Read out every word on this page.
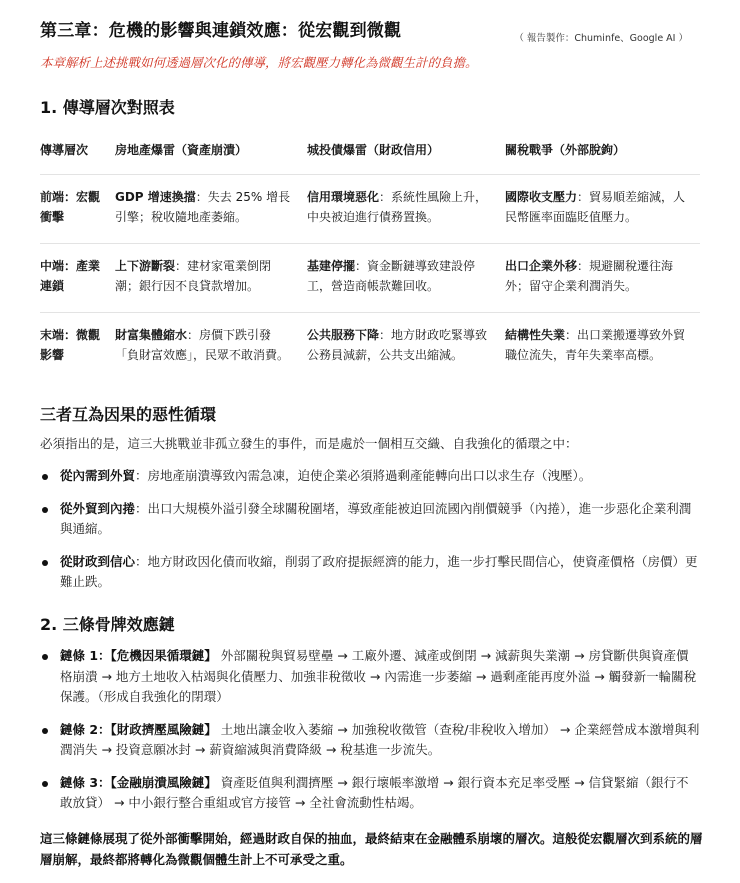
第三章：危機的影響與連鎖效應：從宏觀到微觀	（ 報告製作：Chuminfe、Google AI ）
本章解析上述挑戰如何透過層次化的傳導，將宏觀壓力轉化為微觀生計的負擔。
1. 傳導層次對照表
傳導層次	房地產爆雷（資產崩潰）	城投債爆雷（財政信用）	關稅戰爭（外部脫鉤）
前端：宏觀衝擊	GDP 增速換擋：失去 25% 增長引擎；稅收隨地產萎縮。	信用環境惡化：系統性風險上升，中央被迫進行債務置換。	國際收支壓力：貿易順差縮減，人民幣匯率面臨貶值壓力。
中端：產業連鎖	上下游斷裂：建材家電業倒閉潮；銀行因不良貸款增加。	基建停擺：資金斷鏈導致建設停工，營造商帳款難回收。	出口企業外移：規避關稅遷往海外；留守企業利潤消失。
末端：微觀影響	財富集體縮水：房價下跌引發「負財富效應」，民眾不敢消費。	公共服務下降：地方財政吃緊導致公務員減薪，公共支出縮減。	結構性失業：出口業搬遷導致外貿職位流失，青年失業率高標。
三者互為因果的惡性循環
必須指出的是，這三大挑戰並非孤立發生的事件，而是處於一個相互交織、自我強化的循環之中：
從內需到外貿：房地產崩潰導致內需急凍，迫使企業必須將過剩產能轉向出口以求生存（洩壓）。
從外貿到內捲：出口大規模外溢引發全球關稅圍堵，導致產能被迫回流國內削價競爭（內捲），進一步惡化企業利潤與通縮。
從財政到信心：地方財政因化債而收縮，削弱了政府提振經濟的能力，進一步打擊民間信心，使資產價格（房價）更難止跌。
2. 三條骨牌效應鏈
鏈條 1：【危機因果循環鏈】 外部關稅與貿易壁壘 → 工廠外遷、減產或倒閉 → 減薪與失業潮 → 房貸斷供與資產價格崩潰 → 地方土地收入枯竭與化債壓力、加強非稅徵收 → 內需進一步萎縮 → 過剩產能再度外溢 → 觸發新一輪關稅保護。（形成自我強化的閉環）
鏈條 2：【財政擠壓風險鏈】 土地出讓金收入萎縮 → 加強稅收徵管（查稅/非稅收入增加） → 企業經營成本激增與利潤消失 → 投資意願冰封 → 薪資縮減與消費降級 → 稅基進一步流失。
鏈條 3：【金融崩潰風險鏈】 資產貶值與利潤擠壓 → 銀行壞帳率激增 → 銀行資本充足率受壓 → 信貸緊縮（銀行不敢放貸） → 中小銀行整合重組或官方接管 → 全社會流動性枯竭。
這三條鏈條展現了從外部衝擊開始，經過財政自保的抽血，最終結束在金融體系崩壞的層次。這般從宏觀層次到系統的層層崩解，最終都將轉化為微觀個體生計上不可承受之重。
